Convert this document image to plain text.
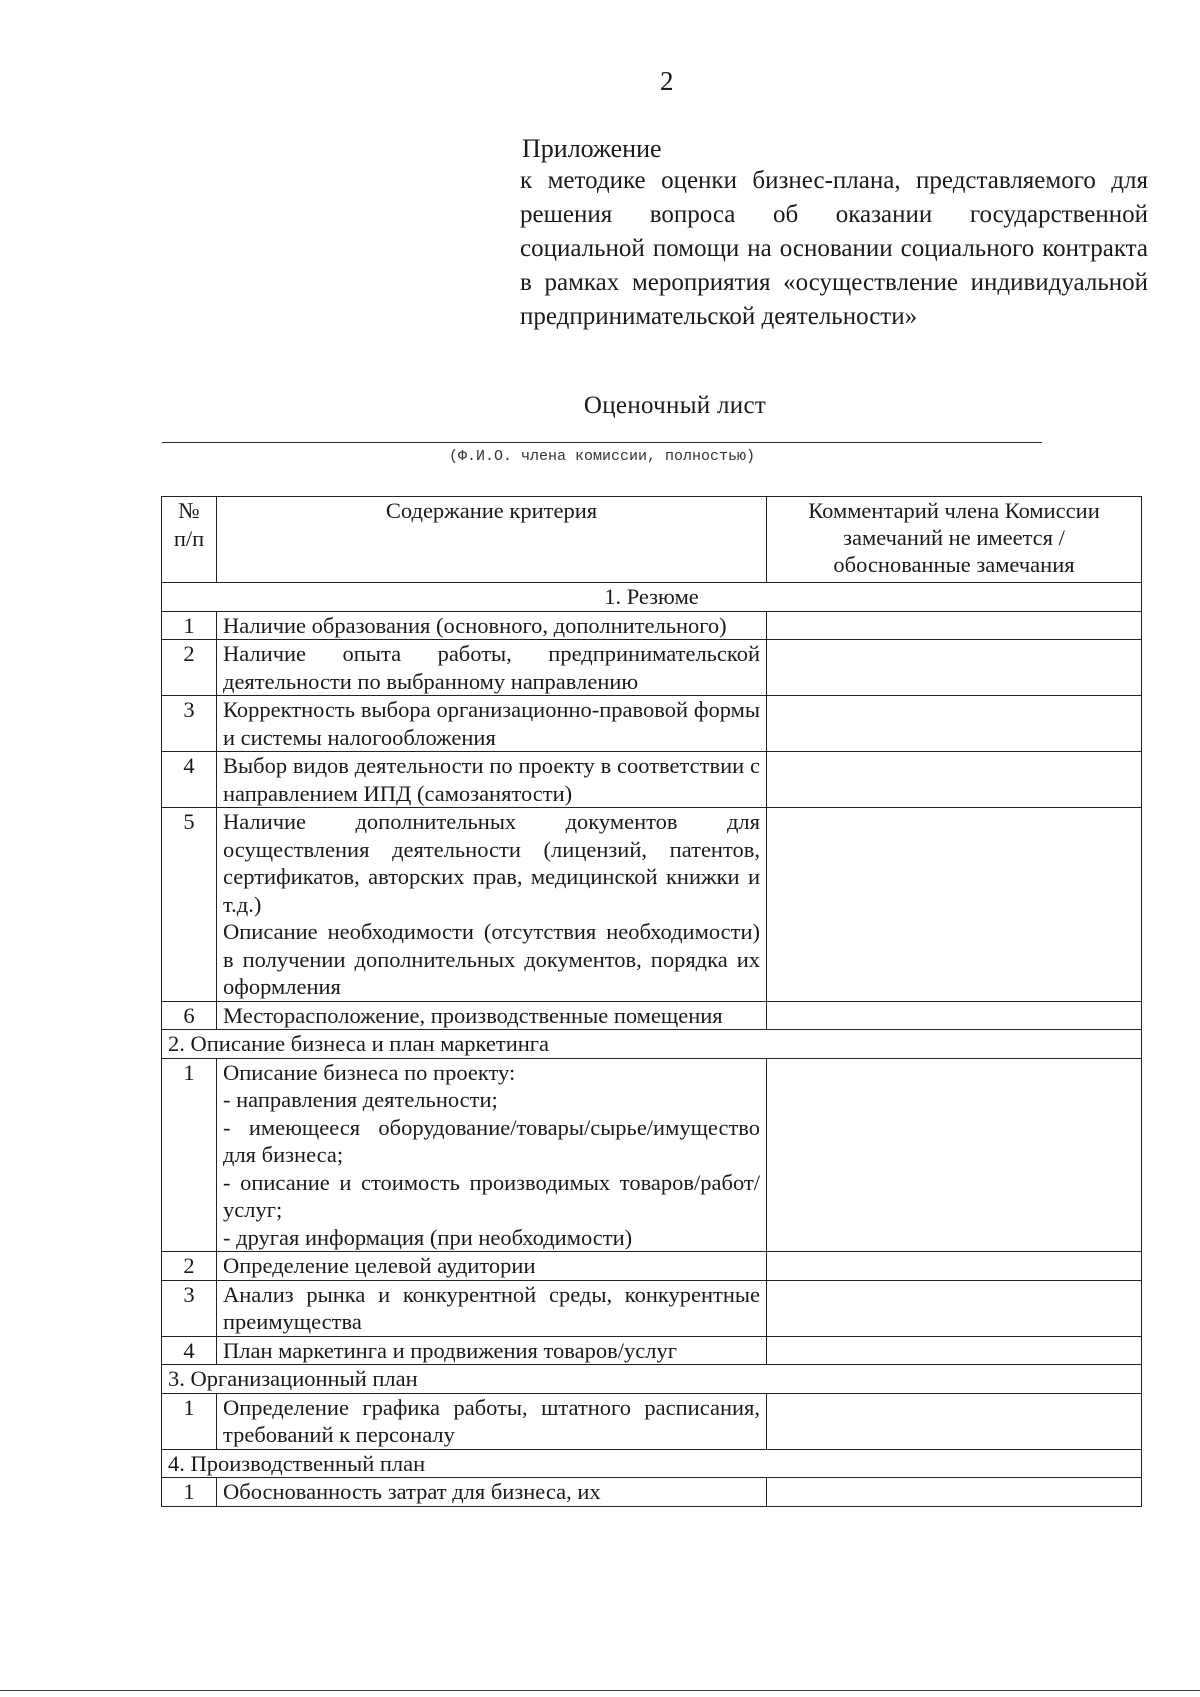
2
Приложение
к методике оценки бизнес-плана, представляемого для решения вопроса об оказании государственной социальной помощи на основании социального контракта в рамках мероприятия «осуществление индивидуальной предпринимательской деятельности»
Оценочный лист
(Ф.И.О. члена комиссии, полностью)
№ п/п	Содержание критерия	Комментарий члена Комиссии замечаний не имеется / обоснованные замечания
1. Резюме		
1	Наличие образования (основного, дополнительного)	
2	Наличие опыта работы, предпринимательской деятельности по выбранному направлению	
3	Корректность выбора организационно-правовой формы и системы налогообложения	
4	Выбор видов деятельности по проекту в соответствии с направлением ИПД (самозанятости)	
5	Наличие дополнительных документов для осуществления деятельности (лицензий, патентов, сертификатов, авторских прав, медицинской книжки и т.д.)
Описание необходимости (отсутствия необходимости) в получении дополнительных документов, порядка их оформления	
6	Месторасположение, производственные помещения	
2. Описание бизнеса и план маркетинга		
1	Описание бизнеса по проекту:
- направления деятельности;
- имеющееся оборудование/товары/сырье/имущество для бизнеса;
- описание и стоимость производимых товаров/работ/услуг;
- другая информация (при необходимости)	
2	Определение целевой аудитории	
3	Анализ рынка и конкурентной среды, конкурентные преимущества	
4	План маркетинга и продвижения товаров/услуг	
3. Организационный план		
1	Определение графика работы, штатного расписания, требований к персоналу	
4. Производственный план		
1	Обоснованность затрат для бизнеса, их	
